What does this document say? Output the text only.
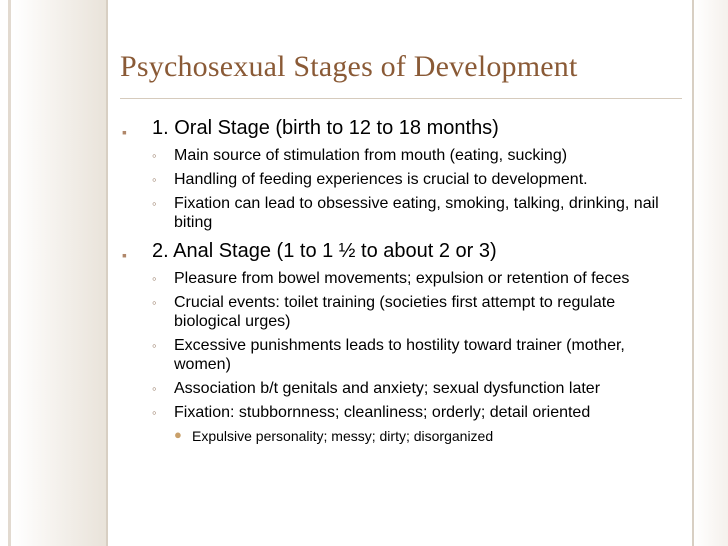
Psychosexual Stages of Development
▪ 1. Oral Stage (birth to 12 to 18 months)
◦ Main source of stimulation from mouth (eating, sucking)
◦ Handling of feeding experiences is crucial to development.
◦ Fixation can lead to obsessive eating, smoking, talking, drinking, nail biting
▪ 2. Anal Stage (1 to 1 ½ to about 2 or 3)
◦ Pleasure from bowel movements; expulsion or retention of feces
◦ Crucial events: toilet training (societies first attempt to regulate biological urges)
◦ Excessive punishments leads to hostility toward trainer (mother, women)
◦ Association b/t genitals and anxiety; sexual dysfunction later
◦ Fixation: stubbornness; cleanliness; orderly; detail oriented
● Expulsive personality; messy; dirty; disorganized
